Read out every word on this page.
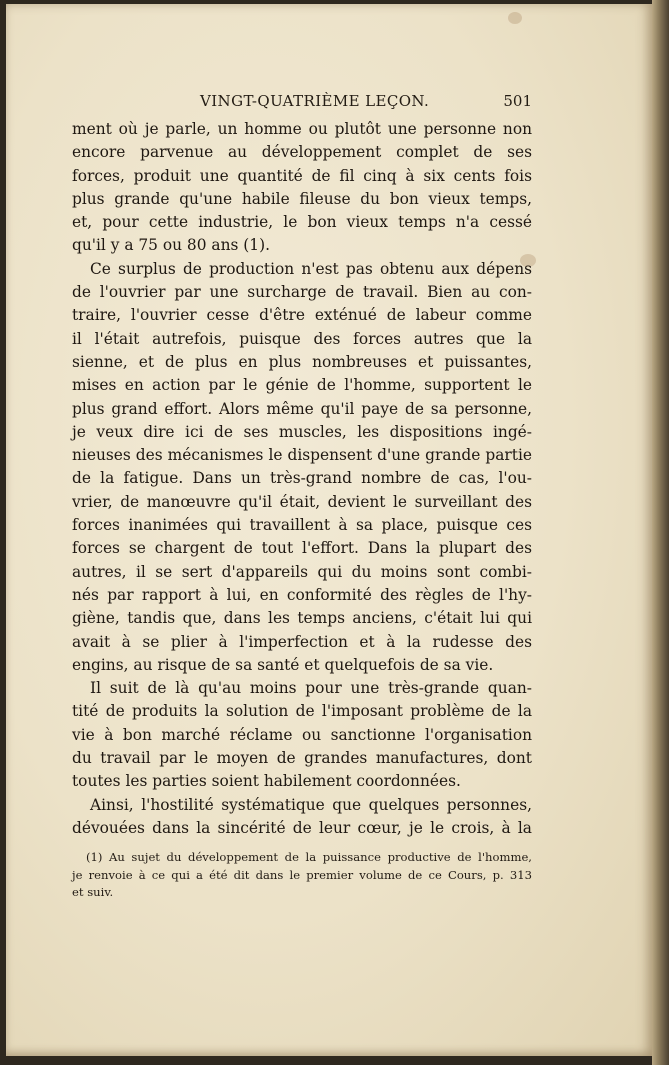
VINGT-QUATRIÈME LEÇON.	501
ment où je parle, un homme ou plutôt une personne non
encore parvenue au développement complet de ses
forces, produit une quantité de fil cinq à six cents fois
plus grande qu'une habile fileuse du bon vieux temps,
et, pour cette industrie, le bon vieux temps n'a cessé
qu'il y a 75 ou 80 ans (1).
Ce surplus de production n'est pas obtenu aux dépens
de l'ouvrier par une surcharge de travail. Bien au con-
traire, l'ouvrier cesse d'être exténué de labeur comme
il l'était autrefois, puisque des forces autres que la
sienne, et de plus en plus nombreuses et puissantes,
mises en action par le génie de l'homme, supportent le
plus grand effort. Alors même qu'il paye de sa personne,
je veux dire ici de ses muscles, les dispositions ingé-
nieuses des mécanismes le dispensent d'une grande partie
de la fatigue. Dans un très-grand nombre de cas, l'ou-
vrier, de manœuvre qu'il était, devient le surveillant des
forces inanimées qui travaillent à sa place, puisque ces
forces se chargent de tout l'effort. Dans la plupart des
autres, il se sert d'appareils qui du moins sont combi-
nés par rapport à lui, en conformité des règles de l'hy-
giène, tandis que, dans les temps anciens, c'était lui qui
avait à se plier à l'imperfection et à la rudesse des
engins, au risque de sa santé et quelquefois de sa vie.
Il suit de là qu'au moins pour une très-grande quan-
tité de produits la solution de l'imposant problème de la
vie à bon marché réclame ou sanctionne l'organisation
du travail par le moyen de grandes manufactures, dont
toutes les parties soient habilement coordonnées.
Ainsi, l'hostilité systématique que quelques personnes,
dévouées dans la sincérité de leur cœur, je le crois, à la
(1) Au sujet du développement de la puissance productive de l'homme,
je renvoie à ce qui a été dit dans le premier volume de ce Cours, p. 313
et suiv.
